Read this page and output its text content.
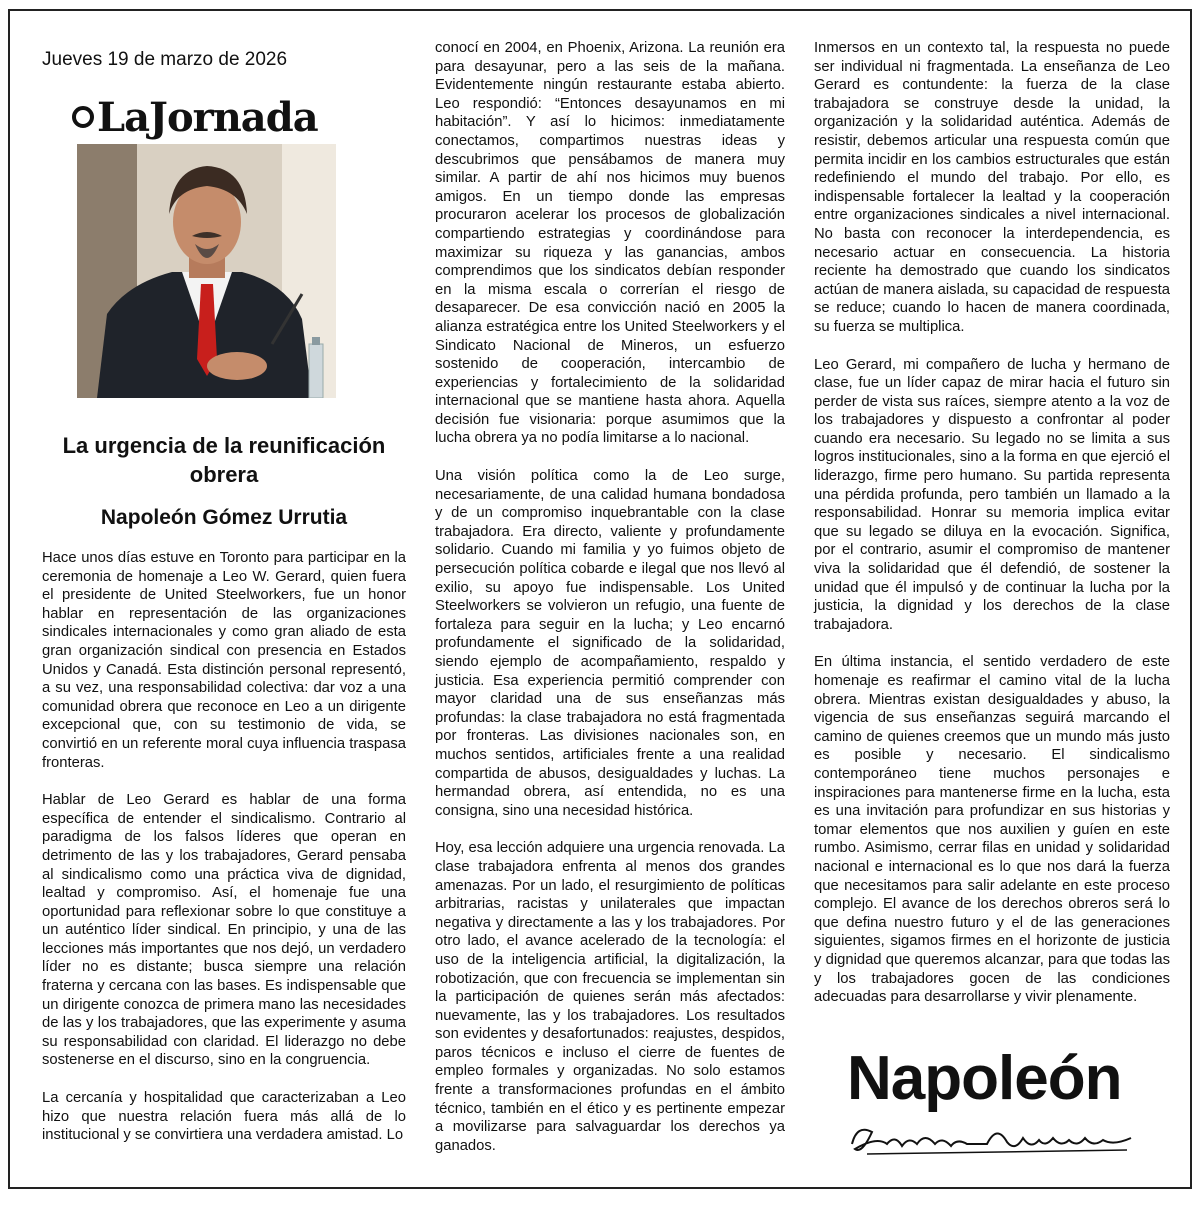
Jueves 19 de marzo de 2026
LaJornada
La urgencia de la reunificación obrera
Napoleón Gómez Urrutia

Hace unos días estuve en Toronto para participar en la ceremonia de homenaje a Leo W. Gerard, quien fuera el presidente de United Steelworkers, fue un honor hablar en representación de las organizaciones sindicales internacionales y como gran aliado de esta gran organización sindical con presencia en Estados Unidos y Canadá. Esta distinción personal representó, a su vez, una responsabilidad colectiva: dar voz a una comunidad obrera que reconoce en Leo a un dirigente excepcional que, con su testimonio de vida, se convirtió en un referente moral cuya influencia traspasa fronteras.

Hablar de Leo Gerard es hablar de una forma específica de entender el sindicalismo. Contrario al paradigma de los falsos líderes que operan en detrimento de las y los trabajadores, Gerard pensaba al sindicalismo como una práctica viva de dignidad, lealtad y compromiso. Así, el homenaje fue una oportunidad para reflexionar sobre lo que constituye a un auténtico líder sindical. En principio, y una de las lecciones más importantes que nos dejó, un verdadero líder no es distante; busca siempre una relación fraterna y cercana con las bases. Es indispensable que un dirigente conozca de primera mano las necesidades de las y los trabajadores, que las experimente y asuma su responsabilidad con claridad. El liderazgo no debe sostenerse en el discurso, sino en la congruencia.

La cercanía y hospitalidad que caracterizaban a Leo hizo que nuestra relación fuera más allá de lo institucional y se convirtiera una verdadera amistad. Lo

conocí en 2004, en Phoenix, Arizona. La reunión era para desayunar, pero a las seis de la mañana. Evidentemente ningún restaurante estaba abierto. Leo respondió: “Entonces desayunamos en mi habitación”. Y así lo hicimos: inmediatamente conectamos, compartimos nuestras ideas y descubrimos que pensábamos de manera muy similar. A partir de ahí nos hicimos muy buenos amigos. En un tiempo donde las empresas procuraron acelerar los procesos de globalización compartiendo estrategias y coordinándose para maximizar su riqueza y las ganancias, ambos comprendimos que los sindicatos debían responder en la misma escala o correrían el riesgo de desaparecer. De esa convicción nació en 2005 la alianza estratégica entre los United Steelworkers y el Sindicato Nacional de Mineros, un esfuerzo sostenido de cooperación, intercambio de experiencias y fortalecimiento de la solidaridad internacional que se mantiene hasta ahora. Aquella decisión fue visionaria: porque asumimos que la lucha obrera ya no podía limitarse a lo nacional.

Una visión política como la de Leo surge, necesariamente, de una calidad humana bondadosa y de un compromiso inquebrantable con la clase trabajadora. Era directo, valiente y profundamente solidario. Cuando mi familia y yo fuimos objeto de persecución política cobarde e ilegal que nos llevó al exilio, su apoyo fue indispensable. Los United Steelworkers se volvieron un refugio, una fuente de fortaleza para seguir en la lucha; y Leo encarnó profundamente el significado de la solidaridad, siendo ejemplo de acompañamiento, respaldo y justicia. Esa experiencia permitió comprender con mayor claridad una de sus enseñanzas más profundas: la clase trabajadora no está fragmentada por fronteras. Las divisiones nacionales son, en muchos sentidos, artificiales frente a una realidad compartida de abusos, desigualdades y luchas. La hermandad obrera, así entendida, no es una consigna, sino una necesidad histórica.

Hoy, esa lección adquiere una urgencia renovada. La clase trabajadora enfrenta al menos dos grandes amenazas. Por un lado, el resurgimiento de políticas arbitrarias, racistas y unilaterales que impactan negativa y directamente a las y los trabajadores. Por otro lado, el avance acelerado de la tecnología: el uso de la inteligencia artificial, la digitalización, la robotización, que con frecuencia se implementan sin la participación de quienes serán más afectados: nuevamente, las y los trabajadores. Los resultados son evidentes y desafortunados: reajustes, despidos, paros técnicos e incluso el cierre de fuentes de empleo formales y organizadas. No solo estamos frente a transformaciones profundas en el ámbito técnico, también en el ético y es pertinente empezar a movilizarse para salvaguardar los derechos ya ganados.

Inmersos en un contexto tal, la respuesta no puede ser individual ni fragmentada. La enseñanza de Leo Gerard es contundente: la fuerza de la clase trabajadora se construye desde la unidad, la organización y la solidaridad auténtica. Además de resistir, debemos articular una respuesta común que permita incidir en los cambios estructurales que están redefiniendo el mundo del trabajo. Por ello, es indispensable fortalecer la lealtad y la cooperación entre organizaciones sindicales a nivel internacional. No basta con reconocer la interdependencia, es necesario actuar en consecuencia. La historia reciente ha demostrado que cuando los sindicatos actúan de manera aislada, su capacidad de respuesta se reduce; cuando lo hacen de manera coordinada, su fuerza se multiplica.

Leo Gerard, mi compañero de lucha y hermano de clase, fue un líder capaz de mirar hacia el futuro sin perder de vista sus raíces, siempre atento a la voz de los trabajadores y dispuesto a confrontar al poder cuando era necesario. Su legado no se limita a sus logros institucionales, sino a la forma en que ejerció el liderazgo, firme pero humano. Su partida representa una pérdida profunda, pero también un llamado a la responsabilidad. Honrar su memoria implica evitar que su legado se diluya en la evocación. Significa, por el contrario, asumir el compromiso de mantener viva la solidaridad que él defendió, de sostener la unidad que él impulsó y de continuar la lucha por la justicia, la dignidad y los derechos de la clase trabajadora.

En última instancia, el sentido verdadero de este homenaje es reafirmar el camino vital de la lucha obrera. Mientras existan desigualdades y abuso, la vigencia de sus enseñanzas seguirá marcando el camino de quienes creemos que un mundo más justo es posible y necesario. El sindicalismo contemporáneo tiene muchos personajes e inspiraciones para mantenerse firme en la lucha, esta es una invitación para profundizar en sus historias y tomar elementos que nos auxilien y guíen en este rumbo. Asimismo, cerrar filas en unidad y solidaridad nacional e internacional es lo que nos dará la fuerza que necesitamos para salir adelante en este proceso complejo. El avance de los derechos obreros será lo que defina nuestro futuro y el de las generaciones siguientes, sigamos firmes en el horizonte de justicia y dignidad que queremos alcanzar, para que todas las y los trabajadores gocen de las condiciones adecuadas para desarrollarse y vivir plenamente.

Napoleón
